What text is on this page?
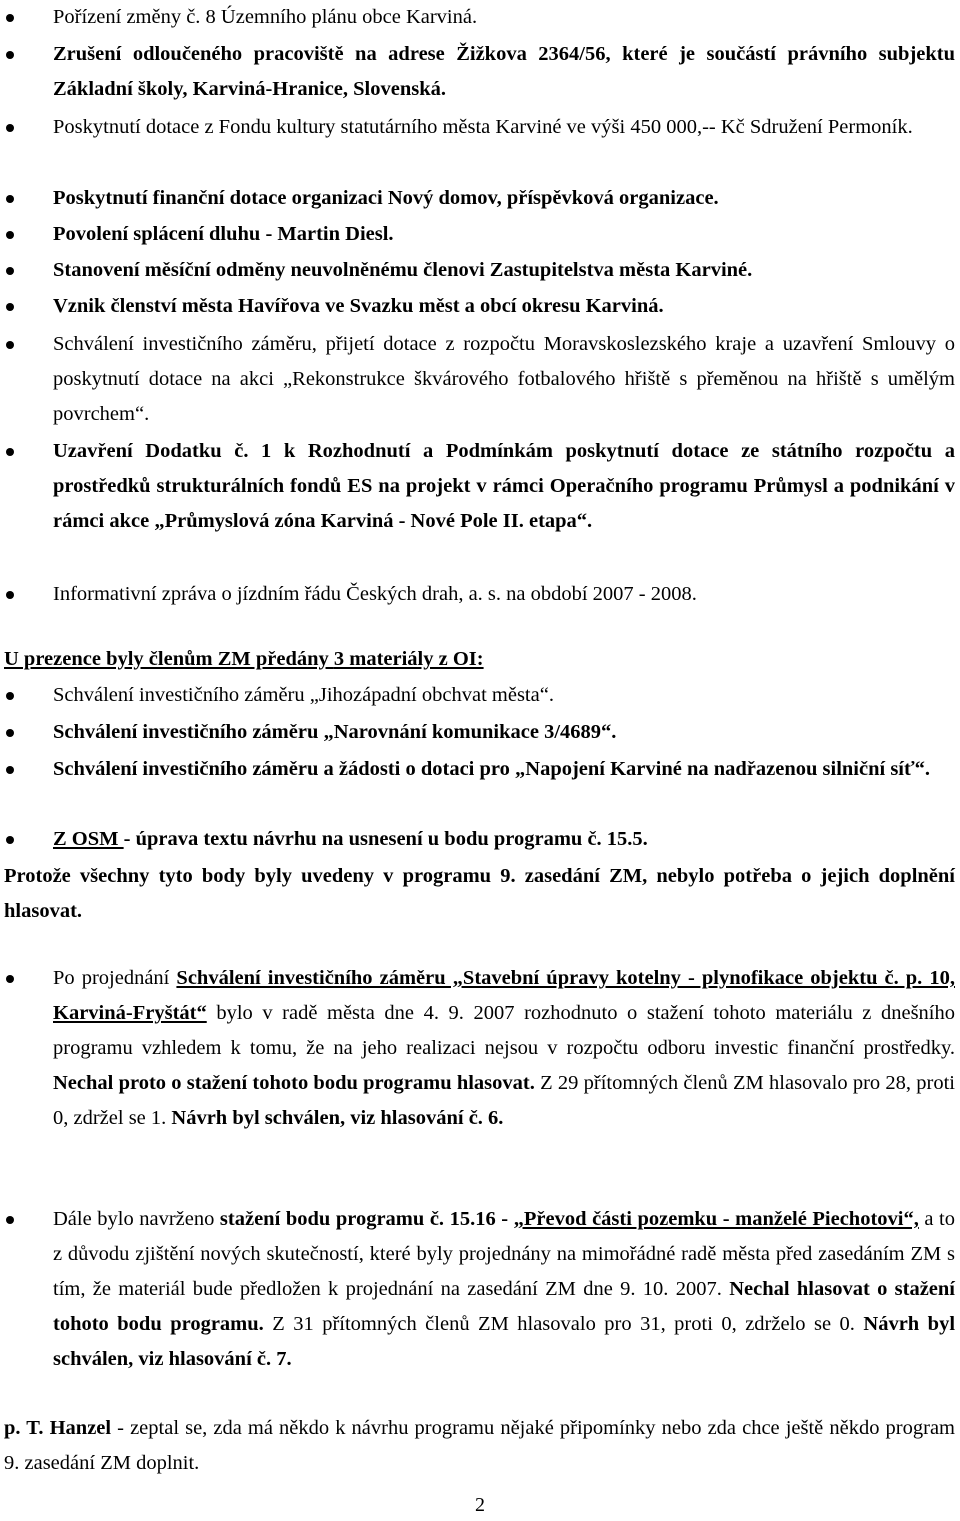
Pořízení změny č. 8 Územního plánu obce Karviná.
Zrušení odloučeného pracoviště na adrese Žižkova 2364/56, které je součástí právního subjektu Základní školy, Karviná-Hranice, Slovenská.
Poskytnutí dotace z Fondu kultury statutárního města Karviné ve výši 450 000,-- Kč Sdružení Permoník.
Poskytnutí finanční dotace organizaci Nový domov, příspěvková organizace.
Povolení splácení dluhu - Martin Diesl.
Stanovení měsíční odměny neuvolněnému členovi Zastupitelstva města Karviné.
Vznik členství města Havířova ve Svazku měst a obcí okresu Karviná.
Schválení investičního záměru, přijetí dotace z rozpočtu Moravskoslezského kraje a uzavření Smlouvy o poskytnutí dotace na akci „Rekonstrukce škvárového fotbalového hřiště s přeměnou na hřiště s umělým povrchem“.
Uzavření Dodatku č. 1 k Rozhodnutí a Podmínkám poskytnutí dotace ze státního rozpočtu a prostředků strukturálních fondů ES na projekt v rámci Operačního programu Průmysl a podnikání v rámci akce „Průmyslová zóna Karviná - Nové Pole II. etapa“.
Informativní zpráva o jízdním řádu Českých drah, a. s. na období 2007 - 2008.
U prezence byly členům ZM předány 3 materiály z OI:
Schválení investičního záměru „Jihozápadní obchvat města“.
Schválení investičního záměru „Narovnání komunikace 3/4689“.
Schválení investičního záměru a žádosti o dotaci pro „Napojení Karviné na nadřazenou silniční síť“.
Z OSM - úprava textu návrhu na usnesení u bodu programu č. 15.5.
Protože všechny tyto body byly uvedeny v programu 9. zasedání ZM, nebylo potřeba o jejich doplnění hlasovat.
Po projednání Schválení investičního záměru „Stavební úpravy kotelny - plynofikace objektu č. p. 10, Karviná-Fryštát“ bylo v radě města dne 4. 9. 2007 rozhodnuto o stažení tohoto materiálu z dnešního programu vzhledem k tomu, že na jeho realizaci nejsou v rozpočtu odboru investic finanční prostředky. Nechal proto o stažení tohoto bodu programu hlasovat. Z 29 přítomných členů ZM hlasovalo pro 28, proti 0, zdržel se 1. Návrh byl schválen, viz hlasování č. 6.
Dále bylo navrženo stažení bodu programu č. 15.16 - „Převod části pozemku - manželé Piechotovi“, a to z důvodu zjištění nových skutečností, které byly projednány na mimořádné radě města před zasedáním ZM s tím, že materiál bude předložen k projednání na zasedání ZM dne 9. 10. 2007. Nechal hlasovat o stažení tohoto bodu programu. Z 31 přítomných členů ZM hlasovalo pro 31, proti 0, zdrželo se 0. Návrh byl schválen, viz hlasování č. 7.
p. T. Hanzel - zeptal se, zda má někdo k návrhu programu nějaké připomínky nebo zda chce ještě někdo program 9. zasedání ZM doplnit.
2
